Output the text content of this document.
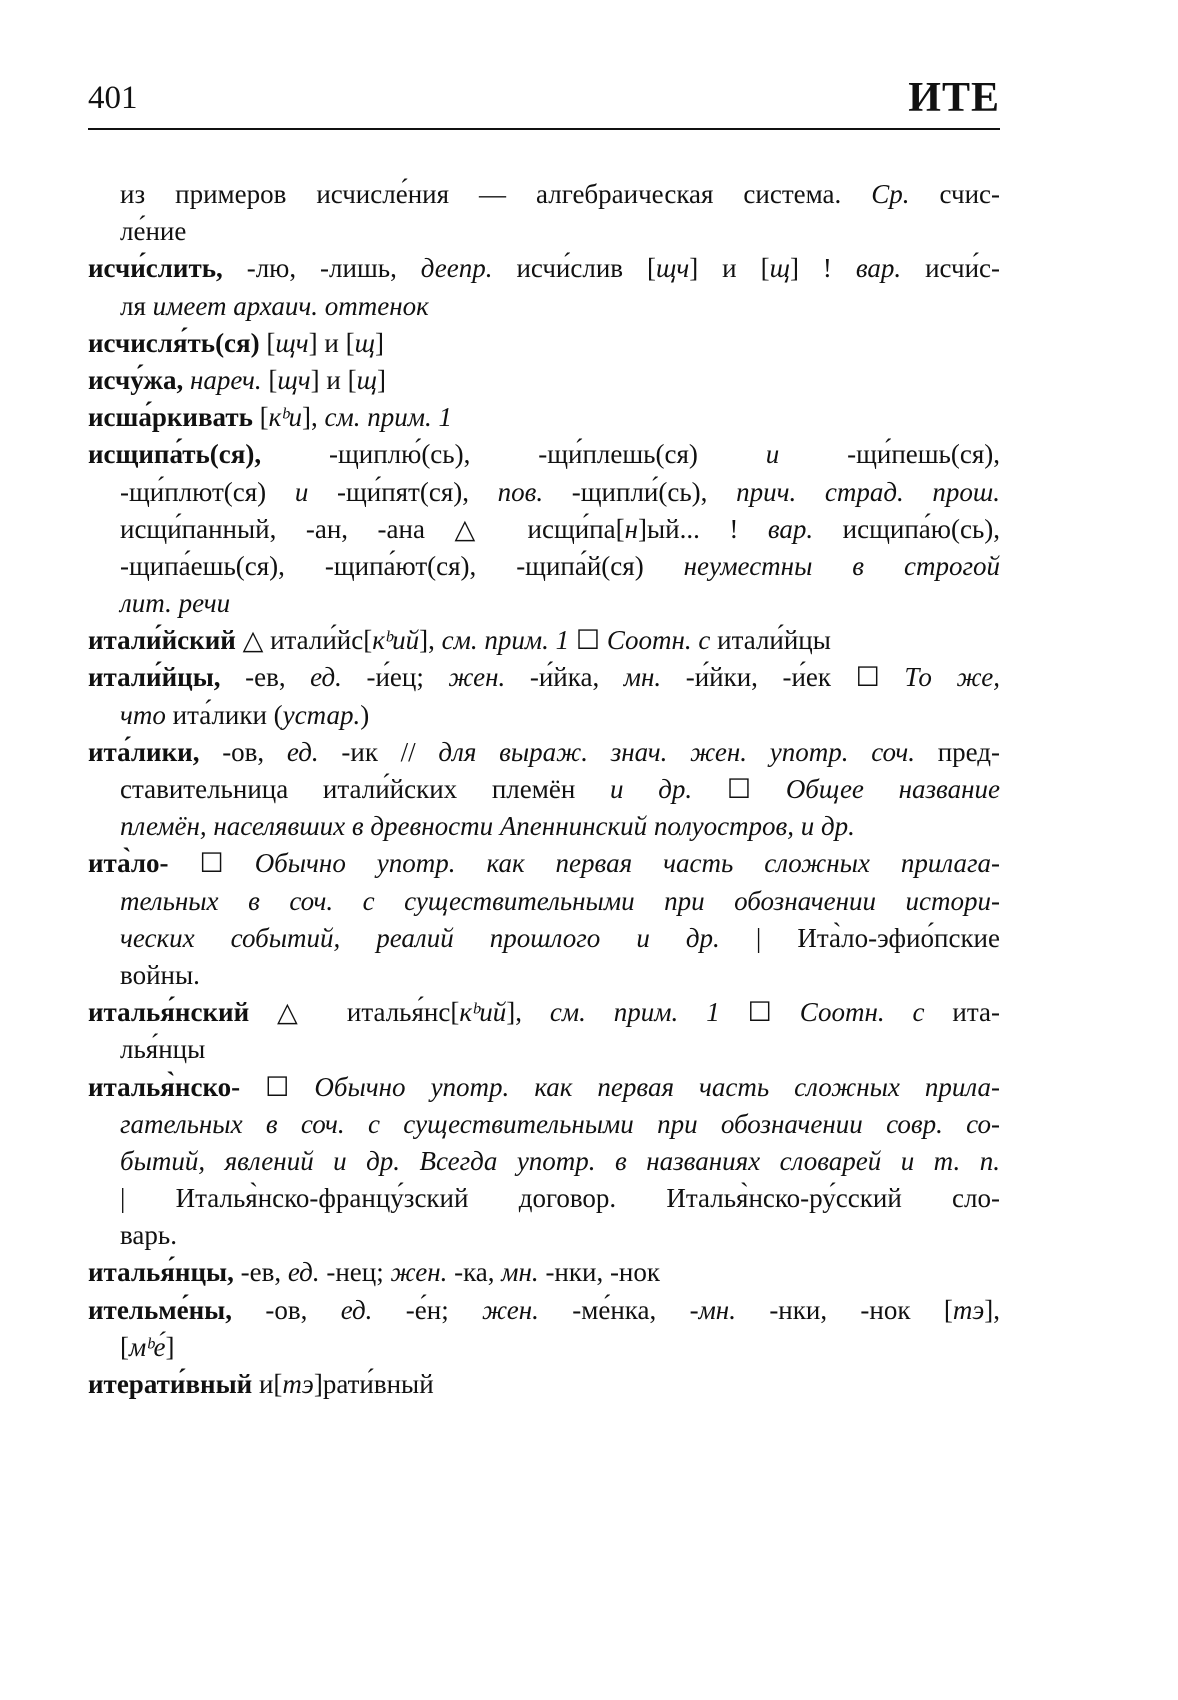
401	ИТЕ
из примеров исчисле́ния — алгебраическая система. Ср. счис-
ле́ние
исчи́слить, -лю, -лишь, деепр. исчи́слив [щч] и [щ] ! вар. исчи́с-
ля имеет архаич. оттенок
исчисля́ть(ся) [щч] и [щ]
исчу́жа, нареч. [щч] и [щ]
исша́ркивать [кᵇи], см. прим. 1
исщипа́ть(ся), -щиплю́(сь), -щи́плешь(ся) и -щи́пешь(ся),
-щи́плют(ся) и -щи́пят(ся), пов. -щипли́(сь), прич. страд. прош.
исщи́панный, -ан, -ана △ исщи́па[н]ый... ! вар. исщипа́ю(сь),
-щипа́ешь(ся), -щипа́ют(ся), -щипа́й(ся) неуместны в строгой
лит. речи
итали́йский △ итали́йс[кᵇий], см. прим. 1 ☐ Соотн. с итали́йцы
итали́йцы, -ев, ед. -и́ец; жен. -и́йка, мн. -и́йки, -и́ек ☐ То же,
что ита́лики (устар.)
ита́лики, -ов, ед. -ик // для выраж. знач. жен. употр. соч. пред-
ставительница итали́йских племён и др. ☐ Общее название
племён, населявших в древности Апеннинский полуостров, и др.
ита̀ло- ☐ Обычно употр. как первая часть сложных прилага-
тельных в соч. с существительными при обозначении истори-
ческих событий, реалий прошлого и др. | Ита̀ло-эфио́пские
войны.
италья́нский △ италья́нс[кᵇий], см. прим. 1 ☐ Соотн. с ита-
лья́нцы
италья̀нско- ☐ Обычно употр. как первая часть сложных прила-
гательных в соч. с существительными при обозначении совр. со-
бытий, явлений и др. Всегда употр. в названиях словарей и т. п.
| Италья̀нско-францу́зский договор. Италья̀нско-ру́сский сло-
варь.
италья́нцы, -ев, ед. -нец; жен. -ка, мн. -нки, -нок
ительме́ны, -ов, ед. -е́н; жен. -ме́нка, -мн. -нки, -нок [тэ],
[мᵇе́]
итерати́вный и[тэ]рати́вный
